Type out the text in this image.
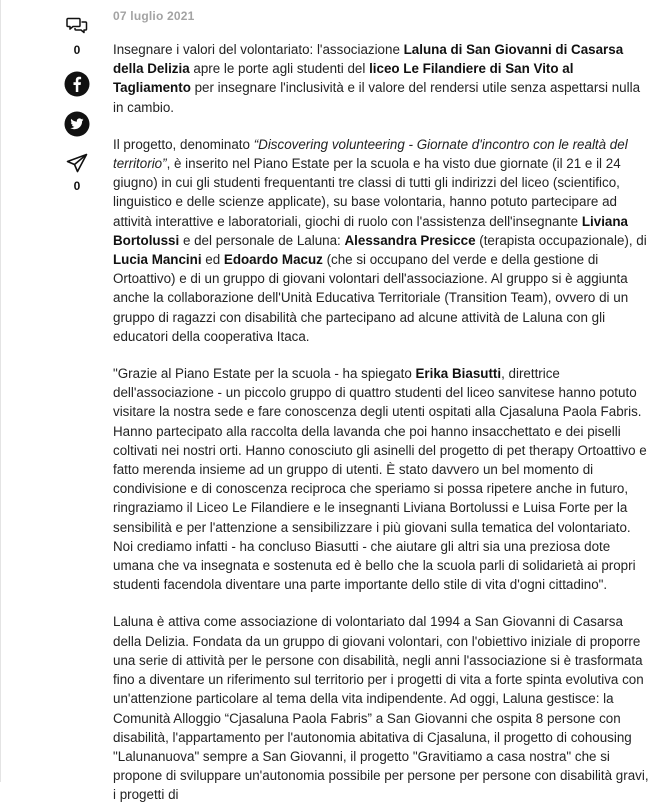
0
0
07 luglio 2021

Insegnare i valori del volontariato: l'associazione Laluna di San Giovanni di Casarsa della Delizia apre le porte agli studenti del liceo Le Filandiere di San Vito al Tagliamento per insegnare l'inclusività e il valore del rendersi utile senza aspettarsi nulla in cambio.

Il progetto, denominato “Discovering volunteering - Giornate d'incontro con le realtà del territorio”, è inserito nel Piano Estate per la scuola e ha visto due giornate (il 21 e il 24 giugno) in cui gli studenti frequentanti tre classi di tutti gli indirizzi del liceo (scientifico, linguistico e delle scienze applicate), su base volontaria, hanno potuto partecipare ad attività interattive e laboratoriali, giochi di ruolo con l'assistenza dell'insegnante Liviana Bortolussi e del personale de Laluna: Alessandra Presicce (terapista occupazionale), di Lucia Mancini ed Edoardo Macuz (che si occupano del verde e della gestione di Ortoattivo) e di un gruppo di giovani volontari dell'associazione. Al gruppo si è aggiunta anche la collaborazione dell'Unità Educativa Territoriale (Transition Team), ovvero di un gruppo di ragazzi con disabilità che partecipano ad alcune attività de Laluna con gli educatori della cooperativa Itaca.

"Grazie al Piano Estate per la scuola - ha spiegato Erika Biasutti, direttrice dell'associazione - un piccolo gruppo di quattro studenti del liceo sanvitese hanno potuto visitare la nostra sede e fare conoscenza degli utenti ospitati alla Cjasaluna Paola Fabris. Hanno partecipato alla raccolta della lavanda che poi hanno insacchettato e dei piselli coltivati nei nostri orti. Hanno conosciuto gli asinelli del progetto di pet therapy Ortoattivo e fatto merenda insieme ad un gruppo di utenti. È stato davvero un bel momento di condivisione e di conoscenza reciproca che speriamo si possa ripetere anche in futuro, ringraziamo il Liceo Le Filandiere e le insegnanti Liviana Bortolussi e Luisa Forte per la sensibilità e per l'attenzione a sensibilizzare i più giovani sulla tematica del volontariato. Noi crediamo infatti - ha concluso Biasutti - che aiutare gli altri sia una preziosa dote umana che va insegnata e sostenuta ed è bello che la scuola parli di solidarietà ai propri studenti facendola diventare una parte importante dello stile di vita d'ogni cittadino".

Laluna è attiva come associazione di volontariato dal 1994 a San Giovanni di Casarsa della Delizia. Fondata da un gruppo di giovani volontari, con l'obiettivo iniziale di proporre una serie di attività per le persone con disabilità, negli anni l'associazione si è trasformata fino a diventare un riferimento sul territorio per i progetti di vita a forte spinta evolutiva con un'attenzione particolare al tema della vita indipendente. Ad oggi, Laluna gestisce: la Comunità Alloggio “Cjasaluna Paola Fabris” a San Giovanni che ospita 8 persone con disabilità, l'appartamento per l'autonomia abitativa di Cjasaluna, il progetto di cohousing "Lalunanuova" sempre a San Giovanni, il progetto "Gravitiamo a casa nostra" che si propone di sviluppare un'autonomia possibile per persone per persone con disabilità gravi, i progetti di
